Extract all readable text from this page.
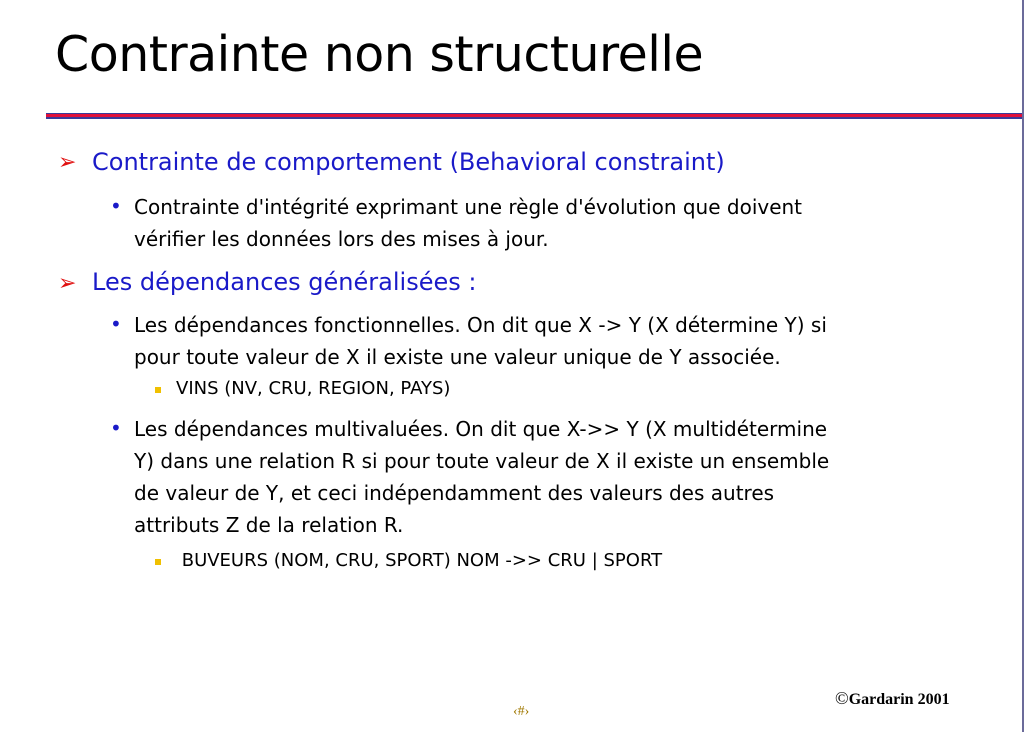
Contrainte non structurelle
➢ Contrainte de comportement (Behavioral constraint)
• Contrainte d'intégrité exprimant une règle d'évolution que doivent
vérifier les données lors des mises à jour.
➢ Les dépendances généralisées :
• Les dépendances fonctionnelles. On dit que X -> Y (X détermine Y) si
pour toute valeur de X il existe une valeur unique de Y associée.
VINS (NV, CRU, REGION, PAYS)
• Les dépendances multivaluées. On dit que X->> Y (X multidétermine
Y) dans une relation R si pour toute valeur de X il existe un ensemble
de valeur de Y, et ceci indépendamment des valeurs des autres
attributs Z de la relation R.
BUVEURS (NOM, CRU, SPORT) NOM ->> CRU | SPORT
©Gardarin 2001
‹#›
